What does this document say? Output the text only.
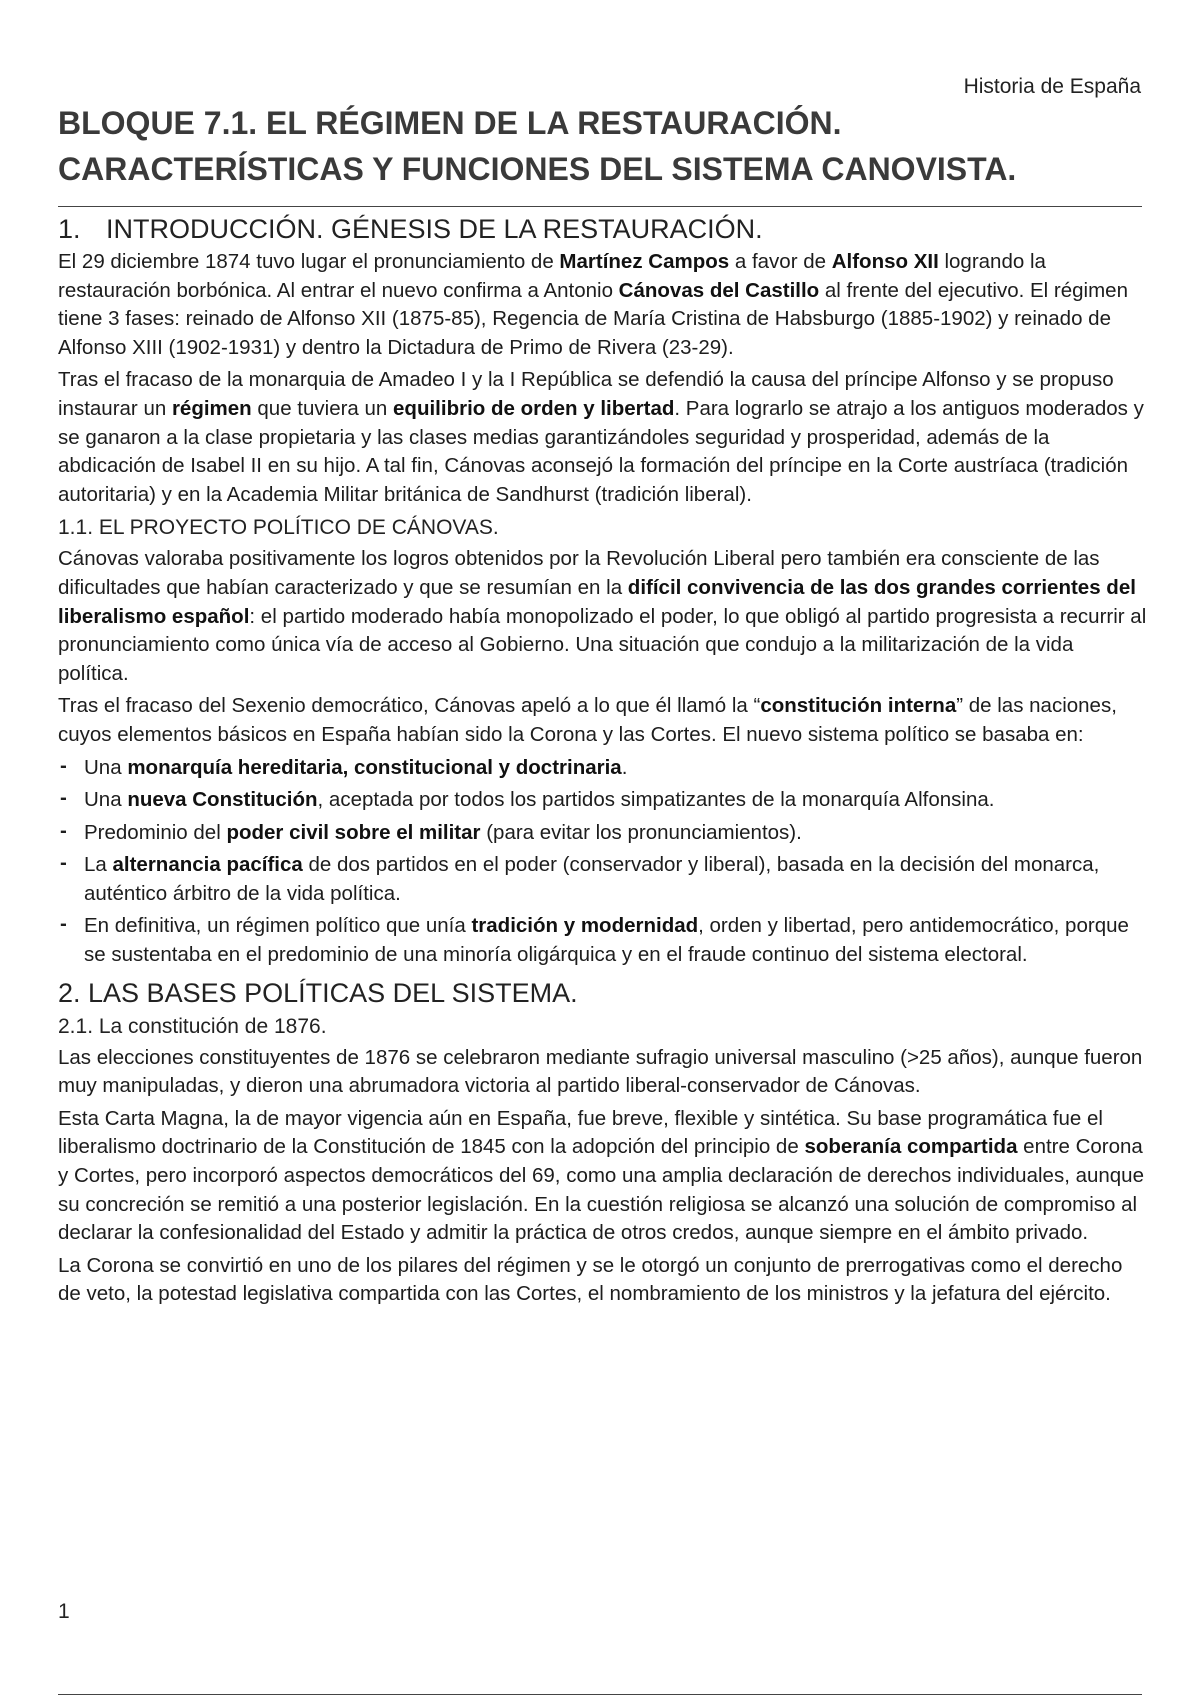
Historia de España
BLOQUE 7.1. EL RÉGIMEN DE LA RESTAURACIÓN.
CARACTERÍSTICAS Y FUNCIONES DEL SISTEMA CANOVISTA.
1. INTRODUCCIÓN. GÉNESIS DE LA RESTAURACIÓN.

El 29 diciembre 1874 tuvo lugar el pronunciamiento de Martínez Campos a favor de Alfonso XII logrando la restauración borbónica. Al entrar el nuevo confirma a Antonio Cánovas del Castillo al frente del ejecutivo. El régimen tiene 3 fases: reinado de Alfonso XII (1875-85), Regencia de María Cristina de Habsburgo (1885-1902) y reinado de Alfonso XIII (1902-1931) y dentro la Dictadura de Primo de Rivera (23-29).

Tras el fracaso de la monarquia de Amadeo I y la I República se defendió la causa del príncipe Alfonso y se propuso instaurar un régimen que tuviera un equilibrio de orden y libertad. Para lograrlo se atrajo a los antiguos moderados y se ganaron a la clase propietaria y las clases medias garantizándoles seguridad y prosperidad, además de la abdicación de Isabel II en su hijo. A tal fin, Cánovas aconsejó la formación del príncipe en la Corte austríaca (tradición autoritaria) y en la Academia Militar británica de Sandhurst (tradición liberal).

1.1. EL PROYECTO POLÍTICO DE CÁNOVAS.

Cánovas valoraba positivamente los logros obtenidos por la Revolución Liberal pero también era consciente de las dificultades que habían caracterizado y que se resumían en la difícil convivencia de las dos grandes corrientes del liberalismo español: el partido moderado había monopolizado el poder, lo que obligó al partido progresista a recurrir al pronunciamiento como única vía de acceso al Gobierno. Una situación que condujo a la militarización de la vida política.

Tras el fracaso del Sexenio democrático, Cánovas apeló a lo que él llamó la “constitución interna” de las naciones, cuyos elementos básicos en España habían sido la Corona y las Cortes. El nuevo sistema político se basaba en:

- Una monarquía hereditaria, constitucional y doctrinaria.
- Una nueva Constitución, aceptada por todos los partidos simpatizantes de la monarquía Alfonsina.
- Predominio del poder civil sobre el militar (para evitar los pronunciamientos).
- La alternancia pacífica de dos partidos en el poder (conservador y liberal), basada en la decisión del monarca, auténtico árbitro de la vida política.
- En definitiva, un régimen político que unía tradición y modernidad, orden y libertad, pero antidemocrático, porque se sustentaba en el predominio de una minoría oligárquica y en el fraude continuo del sistema electoral.
2. LAS BASES POLÍTICAS DEL SISTEMA.
2.1. La constitución de 1876.

Las elecciones constituyentes de 1876 se celebraron mediante sufragio universal masculino (>25 años), aunque fueron muy manipuladas, y dieron una abrumadora victoria al partido liberal-conservador de Cánovas.

Esta Carta Magna, la de mayor vigencia aún en España, fue breve, flexible y sintética. Su base programática fue el liberalismo doctrinario de la Constitución de 1845 con la adopción del principio de soberanía compartida entre Corona y Cortes, pero incorporó aspectos democráticos del 69, como una amplia declaración de derechos individuales, aunque su concreción se remitió a una posterior legislación. En la cuestión religiosa se alcanzó una solución de compromiso al declarar la confesionalidad del Estado y admitir la práctica de otros credos, aunque siempre en el ámbito privado.

La Corona se convirtió en uno de los pilares del régimen y se le otorgó un conjunto de prerrogativas como el derecho de veto, la potestad legislativa compartida con las Cortes, el nombramiento de los ministros y la jefatura del ejército.

1
